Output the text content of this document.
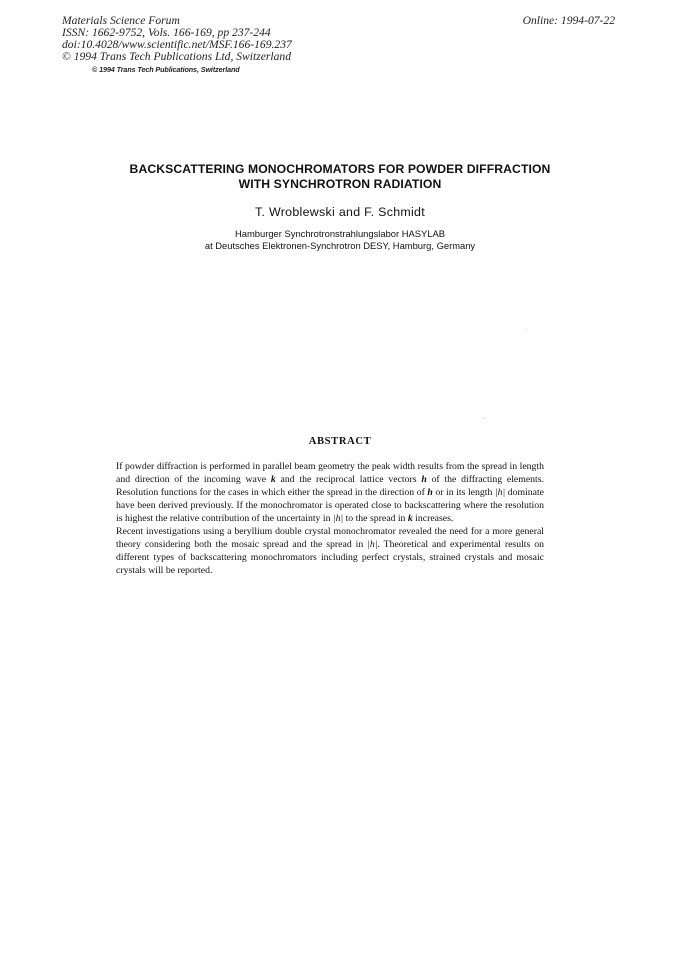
Materials Science Forum
ISSN: 1662-9752, Vols. 166-169, pp 237-244
doi:10.4028/www.scientific.net/MSF.166-169.237
© 1994 Trans Tech Publications Ltd, Switzerland
Online: 1994-07-22
© 1994 Trans Tech Publications, Switzerland
BACKSCATTERING MONOCHROMATORS FOR POWDER DIFFRACTION
WITH SYNCHROTRON RADIATION
T. Wroblewski and F. Schmidt
Hamburger Synchrotronstrahlungslabor HASYLAB
at Deutsches Elektronen-Synchrotron DESY, Hamburg, Germany
ABSTRACT

If powder diffraction is performed in parallel beam geometry the peak width results from the spread in length and direction of the incoming wave k and the reciprocal lattice vectors h of the diffracting elements. Resolution functions for the cases in which either the spread in the direction of h or in its length |h| dominate have been derived previously. If the monochromator is operated close to backscattering where the resolution is highest the relative contribution of the uncertainty in |h| to the spread in k increases.

Recent investigations using a beryllium double crystal monochromator revealed the need for a more general theory considering both the mosaic spread and the spread in |h|. Theoretical and experimental results on different types of backscattering monochromators including perfect crystals, strained crystals and mosaic crystals will be reported.
